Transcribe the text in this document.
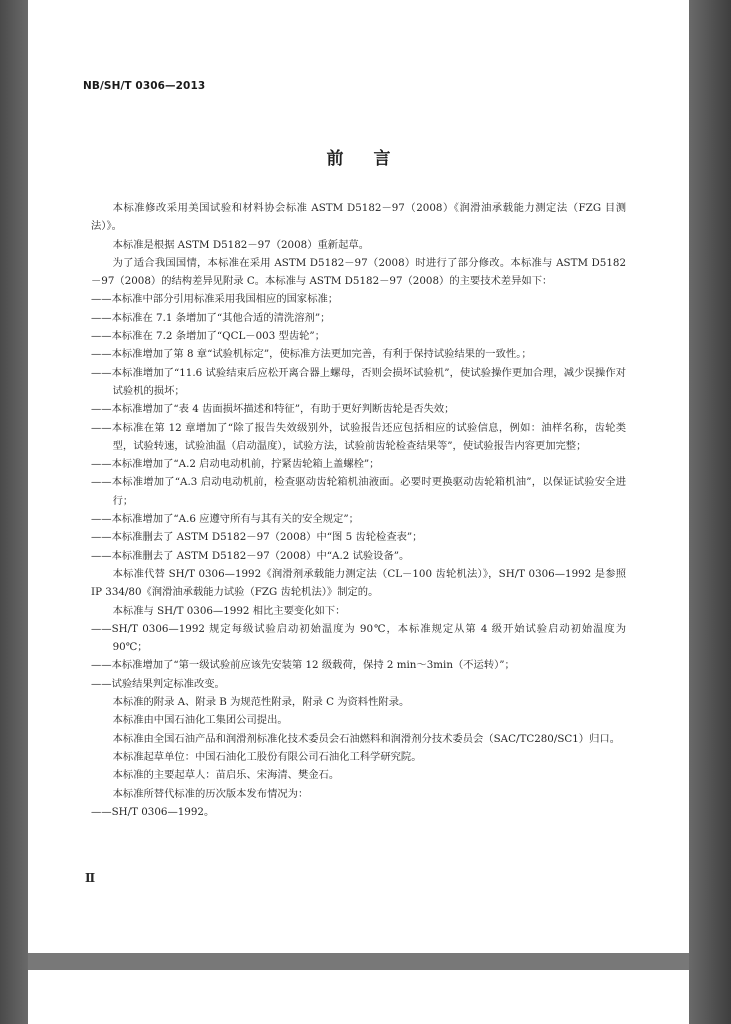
NB/SH/T 0306—2013
前言

本标准修改采用美国试验和材料协会标准 ASTM D5182－97（2008）《润滑油承载能力测定法（FZG 目测法）》。

本标准是根据 ASTM D5182－97（2008）重新起草。

为了适合我国国情，本标准在采用 ASTM D5182－97（2008）时进行了部分修改。本标准与 ASTM D5182－97（2008）的结构差异见附录 C。本标准与 ASTM D5182－97（2008）的主要技术差异如下：

——本标准中部分引用标准采用我国相应的国家标准；

——本标准在 7.1 条增加了“其他合适的清洗溶剂”；

——本标准在 7.2 条增加了“QCL－003 型齿轮”；

——本标准增加了第 8 章“试验机标定”，使标准方法更加完善，有利于保持试验结果的一致性。；

——本标准增加了“11.6 试验结束后应松开离合器上螺母，否则会损坏试验机”，使试验操作更加合理，减少误操作对试验机的损坏；

——本标准增加了“表 4 齿面损坏描述和特征”，有助于更好判断齿轮是否失效；

——本标准在第 12 章增加了“除了报告失效级别外，试验报告还应包括相应的试验信息，例如：油样名称，齿轮类型，试验转速，试验油温（启动温度），试验方法，试验前齿轮检查结果等”，使试验报告内容更加完整；

——本标准增加了“A.2 启动电动机前，拧紧齿轮箱上盖螺栓”；

——本标准增加了“A.3 启动电动机前，检查驱动齿轮箱机油液面。必要时更换驱动齿轮箱机油”，以保证试验安全进行；

——本标准增加了“A.6 应遵守所有与其有关的安全规定”；

——本标准删去了 ASTM D5182－97（2008）中“图 5 齿轮检查表”；

——本标准删去了 ASTM D5182－97（2008）中“A.2 试验设备”。

本标准代替 SH/T 0306—1992《润滑剂承载能力测定法（CL－100 齿轮机法）》，SH/T 0306—1992 是参照 IP 334/80《润滑油承载能力试验（FZG 齿轮机法）》制定的。

本标准与 SH/T 0306—1992 相比主要变化如下：

——SH/T 0306—1992 规定每级试验启动初始温度为 90℃，本标准规定从第 4 级开始试验启动初始温度为 90℃；

——本标准增加了“第一级试验前应该先安装第 12 级载荷，保持 2 min～3min（不运转）”；

——试验结果判定标准改变。

本标准的附录 A、附录 B 为规范性附录，附录 C 为资料性附录。

本标准由中国石油化工集团公司提出。

本标准由全国石油产品和润滑剂标准化技术委员会石油燃料和润滑剂分技术委员会（SAC/TC280/SC1）归口。

本标准起草单位：中国石油化工股份有限公司石油化工科学研究院。

本标准的主要起草人：苗启乐、宋海清、樊金石。

本标准所替代标准的历次版本发布情况为：

——SH/T 0306—1992。

Ⅱ
